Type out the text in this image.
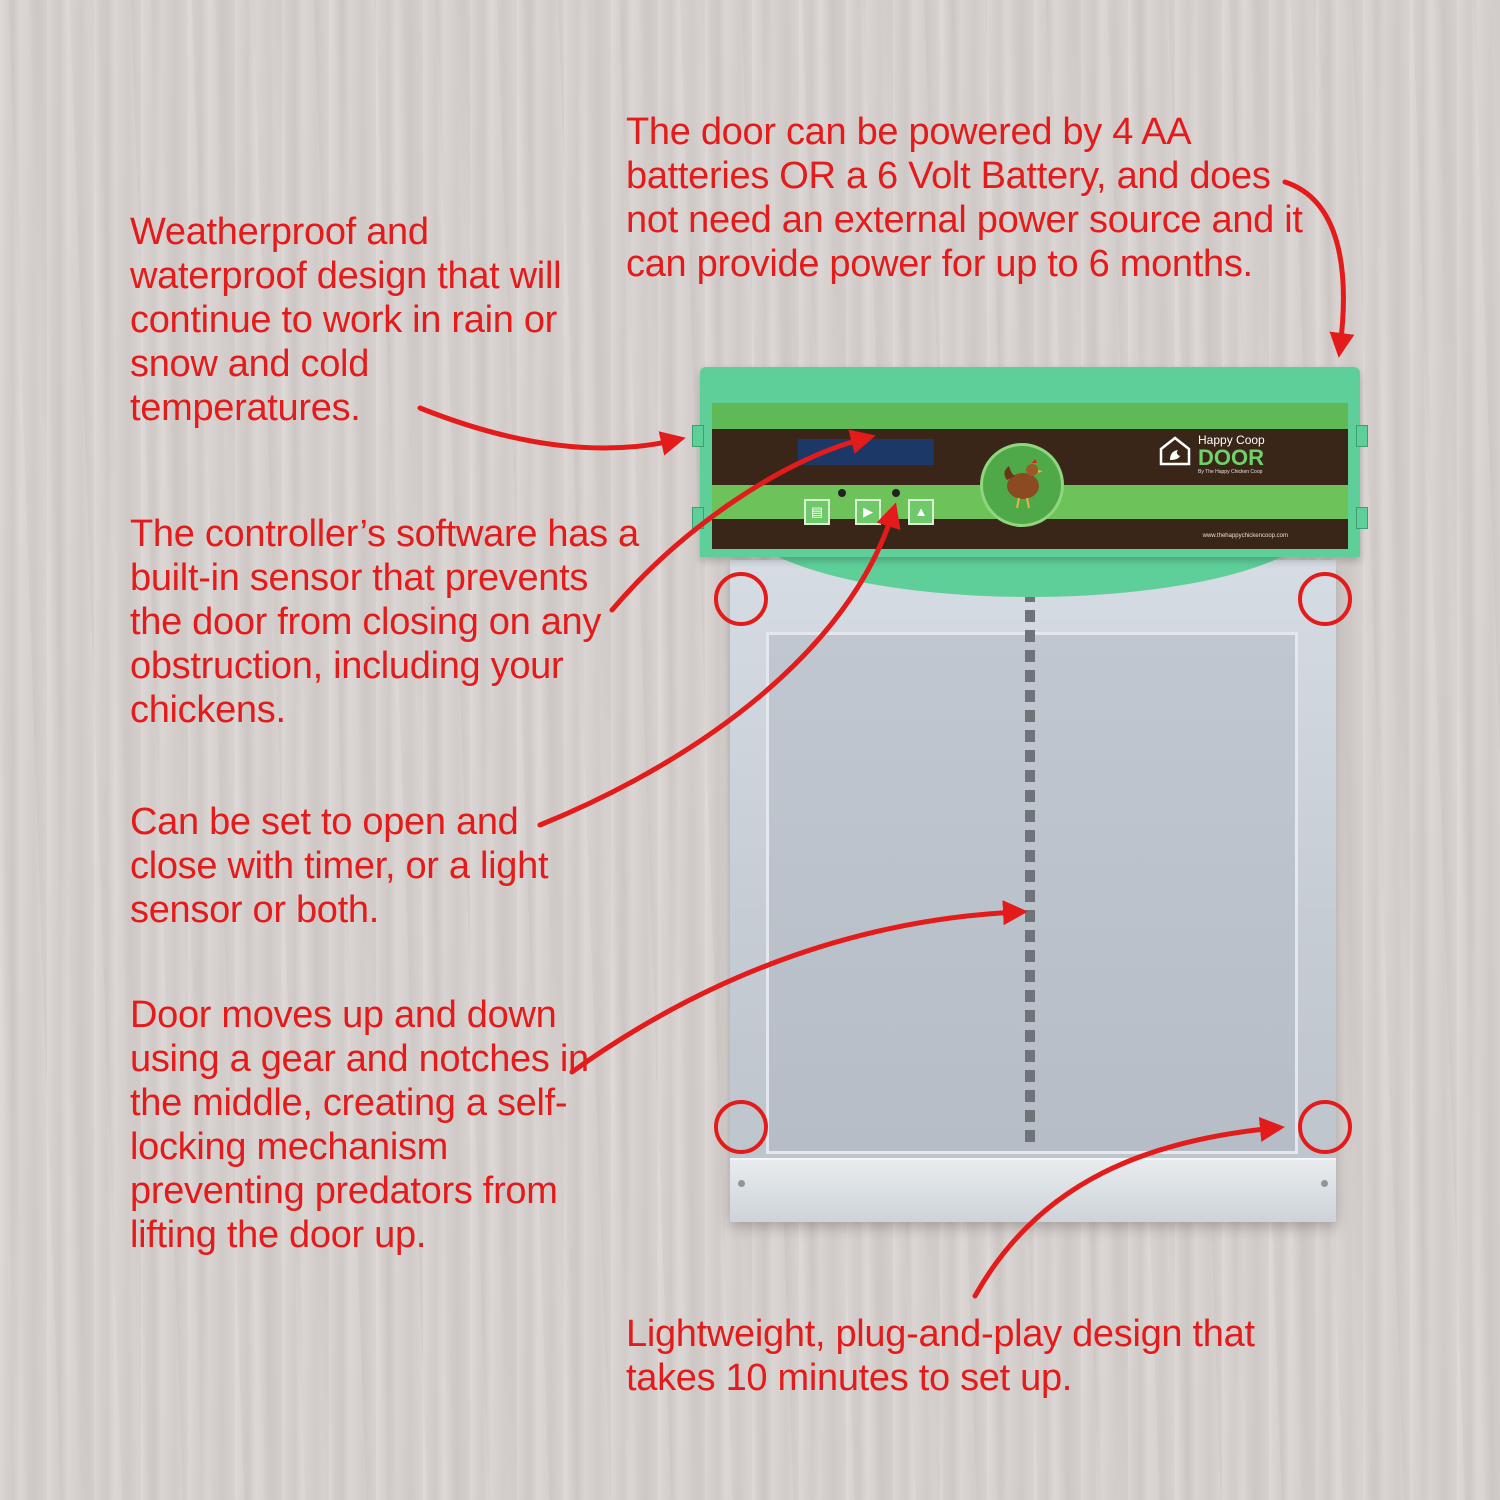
▤	▶	▲
Happy Coop
DOOR
By The Happy Chicken Coop
www.thehappychickencoop.com

The door can be powered by 4 AA batteries OR a 6 Volt Battery, and does not need an external power source and it can provide power for up to 6 months.

Weatherproof and waterproof design that will continue to work in rain or snow and cold temperatures.

The controller’s software has a built-in sensor that prevents the door from closing on any obstruction, including your chickens.

Can be set to open and close with timer, or a light sensor or both.

Door moves up and down using a gear and notches in the middle, creating a self-locking mechanism preventing predators from lifting the door up.

Lightweight, plug-and-play design that takes 10 minutes to set up.
